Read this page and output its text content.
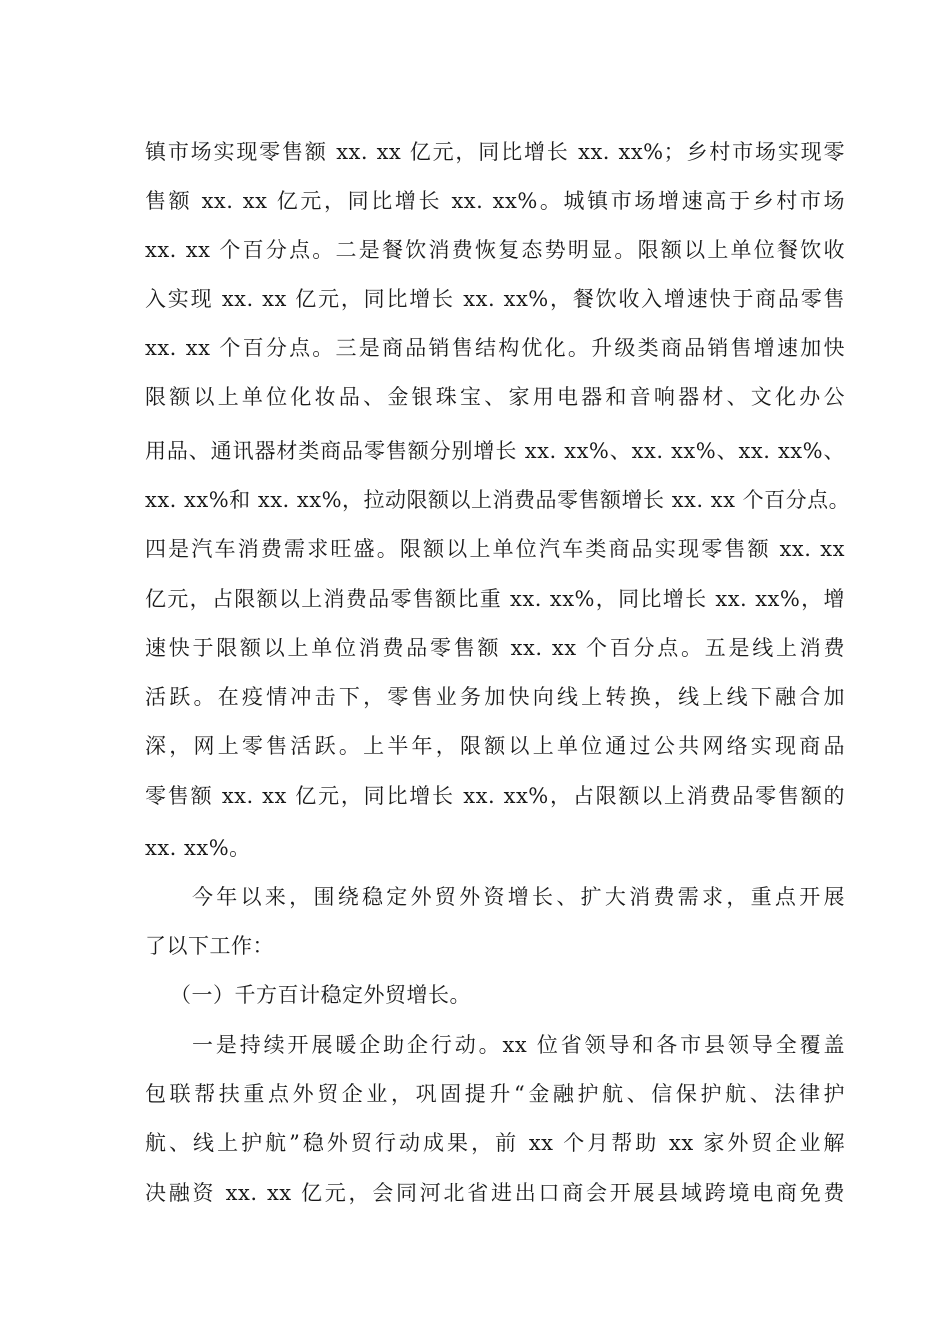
镇市场实现零售额 xx. xx 亿元，同比增长 xx. xx%；乡村市场实现零
售额 xx. xx 亿元，同比增长 xx. xx%。城镇市场增速高于乡村市场
xx. xx 个百分点。二是餐饮消费恢复态势明显。限额以上单位餐饮收
入实现 xx. xx 亿元，同比增长 xx. xx%，餐饮收入增速快于商品零售
xx. xx 个百分点。三是商品销售结构优化。升级类商品销售增速加快
限额以上单位化妆品、金银珠宝、家用电器和音响器材、文化办公
用品、通讯器材类商品零售额分别增长 xx. xx%、xx. xx%、xx. xx%、
xx. xx%和 xx. xx%，拉动限额以上消费品零售额增长 xx. xx 个百分点。
四是汽车消费需求旺盛。限额以上单位汽车类商品实现零售额 xx. xx
亿元，占限额以上消费品零售额比重 xx. xx%，同比增长 xx. xx%，增
速快于限额以上单位消费品零售额 xx. xx 个百分点。五是线上消费
活跃。在疫情冲击下，零售业务加快向线上转换，线上线下融合加
深，网上零售活跃。上半年，限额以上单位通过公共网络实现商品
零售额 xx. xx 亿元，同比增长 xx. xx%，占限额以上消费品零售额的
xx. xx%。
今年以来，围绕稳定外贸外资增长、扩大消费需求，重点开展
了以下工作：
（一）千方百计稳定外贸增长。
一是持续开展暖企助企行动。xx 位省领导和各市县领导全覆盖
包联帮扶重点外贸企业，巩固提升“金融护航、信保护航、法律护
航、线上护航”稳外贸行动成果，前 xx 个月帮助 xx 家外贸企业解
决融资 xx. xx 亿元，会同河北省进出口商会开展县域跨境电商免费
